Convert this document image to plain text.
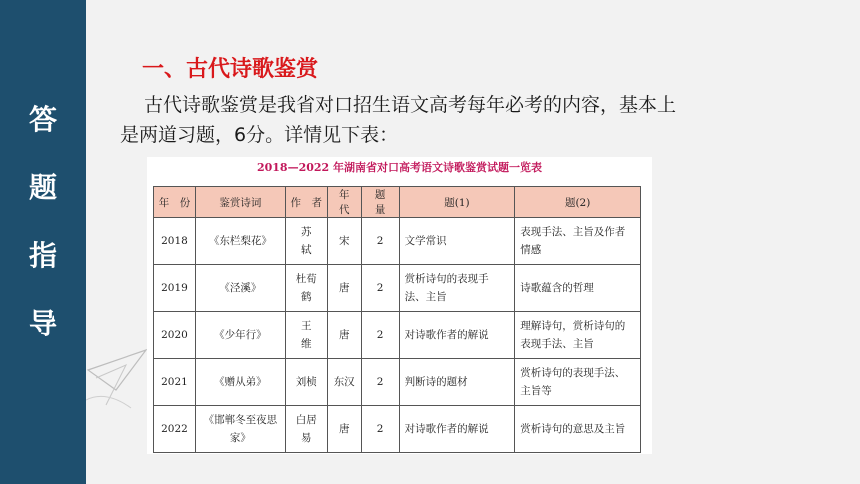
答
题
指
导
一、古代诗歌鉴赏
古代诗歌鉴赏是我省对口招生语文高考每年必考的内容，基本上
是两道习题，6分。详情见下表：
2018—2022 年湖南省对口高考语文诗歌鉴赏试题一览表
年　份	鉴赏诗词	作　者	年　代	题　量	题(1)	题(2)
2018	《东栏梨花》	苏　轼	宋	2	文学常识	表现手法、主旨及作者情感
2019	《泾溪》	杜荀鹤	唐	2	赏析诗句的表现手法、主旨	诗歌蕴含的哲理
2020	《少年行》	王　维	唐	2	对诗歌作者的解说	理解诗句，赏析诗句的表现手法、主旨
2021	《赠从弟》	刘桢	东汉	2	判断诗的题材	赏析诗句的表现手法、主旨等
2022	《邯郸冬至夜思家》	白居易	唐	2	对诗歌作者的解说	赏析诗句的意思及主旨
